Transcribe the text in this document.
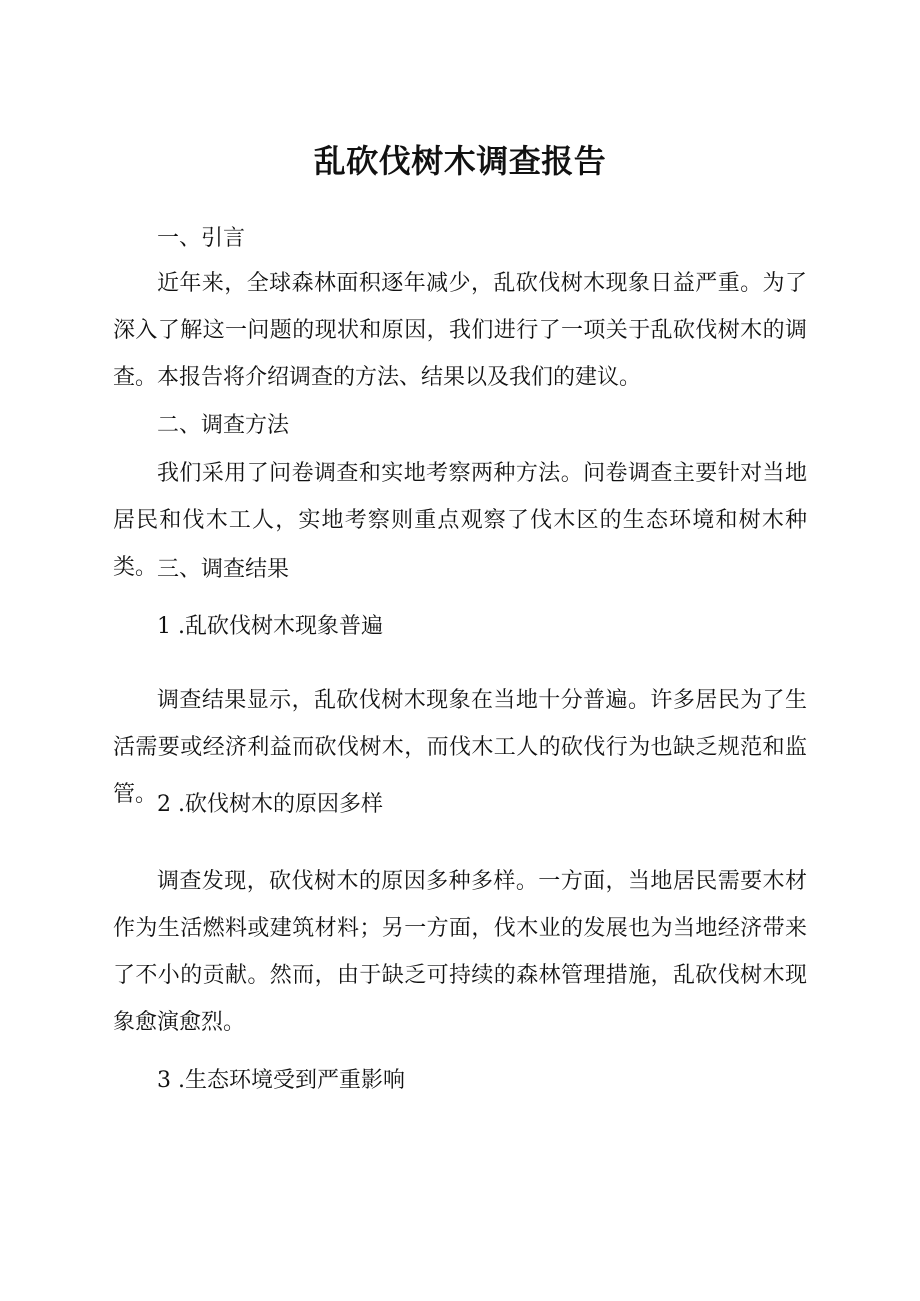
乱砍伐树木调查报告

一、引言

近年来，全球森林面积逐年减少，乱砍伐树木现象日益严重。为了深入了解这一问题的现状和原因，我们进行了一项关于乱砍伐树木的调查。本报告将介绍调查的方法、结果以及我们的建议。

二、调查方法

我们采用了问卷调查和实地考察两种方法。问卷调查主要针对当地居民和伐木工人，实地考察则重点观察了伐木区的生态环境和树木种类。 三、调查结果

1 .乱砍伐树木现象普遍

调查结果显示，乱砍伐树木现象在当地十分普遍。许多居民为了生活需要或经济利益而砍伐树木，而伐木工人的砍伐行为也缺乏规范和监管。 2 .砍伐树木的原因多样

调查发现，砍伐树木的原因多种多样。一方面，当地居民需要木材作为生活燃料或建筑材料；另一方面，伐木业的发展也为当地经济带来了不小的贡献。然而，由于缺乏可持续的森林管理措施，乱砍伐树木现象愈演愈烈。

3 .生态环境受到严重影响
